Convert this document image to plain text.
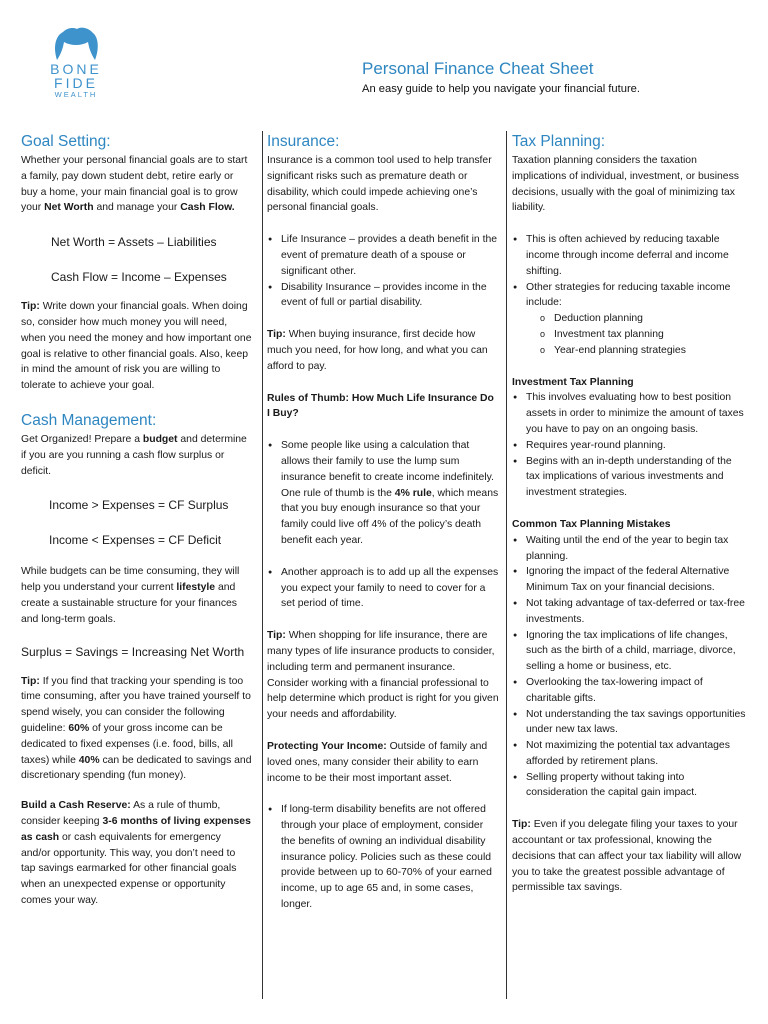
BONE
FIDE
WEALTH
Personal Finance Cheat Sheet

An easy guide to help you navigate your financial future.

Goal Setting:

Whether your personal financial goals are to start a family, pay down student debt, retire early or buy a home, your main financial goal is to grow your Net Worth and manage your Cash Flow.

Net Worth = Assets – Liabilities

Cash Flow = Income – Expenses

Tip: Write down your financial goals. When doing so, consider how much money you will need, when you need the money and how important one goal is relative to other financial goals. Also, keep in mind the amount of risk you are willing to tolerate to achieve your goal.

Cash Management:

Get Organized! Prepare a budget and determine if you are you running a cash flow surplus or deficit.

Income > Expenses = CF Surplus

Income < Expenses = CF Deficit

While budgets can be time consuming, they will help you understand your current lifestyle and create a sustainable structure for your finances and long-term goals.

Surplus = Savings = Increasing Net Worth

Tip: If you find that tracking your spending is too time consuming, after you have trained yourself to spend wisely, you can consider the following guideline: 60% of your gross income can be dedicated to fixed expenses (i.e. food, bills, all taxes) while 40% can be dedicated to savings and discretionary spending (fun money).

Build a Cash Reserve: As a rule of thumb, consider keeping 3-6 months of living expenses as cash or cash equivalents for emergency and/or opportunity. This way, you don’t need to tap savings earmarked for other financial goals when an unexpected expense or opportunity comes your way.

Insurance:

Insurance is a common tool used to help transfer significant risks such as premature death or disability, which could impede achieving one’s personal financial goals.

● Life Insurance – provides a death benefit in the event of premature death of a spouse or significant other.
● Disability Insurance – provides income in the event of full or partial disability.

Tip: When buying insurance, first decide how much you need, for how long, and what you can afford to pay.

Rules of Thumb: How Much Life Insurance Do I Buy?

● Some people like using a calculation that allows their family to use the lump sum insurance benefit to create income indefinitely. One rule of thumb is the 4% rule, which means that you buy enough insurance so that your family could live off 4% of the policy’s death benefit each year.
● Another approach is to add up all the expenses you expect your family to need to cover for a set period of time.

Tip: When shopping for life insurance, there are many types of life insurance products to consider, including term and permanent insurance. Consider working with a financial professional to help determine which product is right for you given your needs and affordability.

Protecting Your Income: Outside of family and loved ones, many consider their ability to earn income to be their most important asset.

● If long-term disability benefits are not offered through your place of employment, consider the benefits of owning an individual disability insurance policy. Policies such as these could provide between up to 60-70% of your earned income, up to age 65 and, in some cases, longer.
Tax Planning:

Taxation planning considers the taxation implications of individual, investment, or business decisions, usually with the goal of minimizing tax liability.

● This is often achieved by reducing taxable income through income deferral and income shifting.
● Other strategies for reducing taxable income include:
o Deduction planning
o Investment tax planning
o Year-end planning strategies

Investment Tax Planning

● This involves evaluating how to best position assets in order to minimize the amount of taxes you have to pay on an ongoing basis.
● Requires year-round planning.
● Begins with an in-depth understanding of the tax implications of various investments and investment strategies.

Common Tax Planning Mistakes

● Waiting until the end of the year to begin tax planning.
● Ignoring the impact of the federal Alternative Minimum Tax on your financial decisions.
● Not taking advantage of tax-deferred or tax-free investments.
● Ignoring the tax implications of life changes, such as the birth of a child, marriage, divorce, selling a home or business, etc.
● Overlooking the tax-lowering impact of charitable gifts.
● Not understanding the tax savings opportunities under new tax laws.
● Not maximizing the potential tax advantages afforded by retirement plans.
● Selling property without taking into consideration the capital gain impact.

Tip: Even if you delegate filing your taxes to your accountant or tax professional, knowing the decisions that can affect your tax liability will allow you to take the greatest possible advantage of permissible tax savings.
